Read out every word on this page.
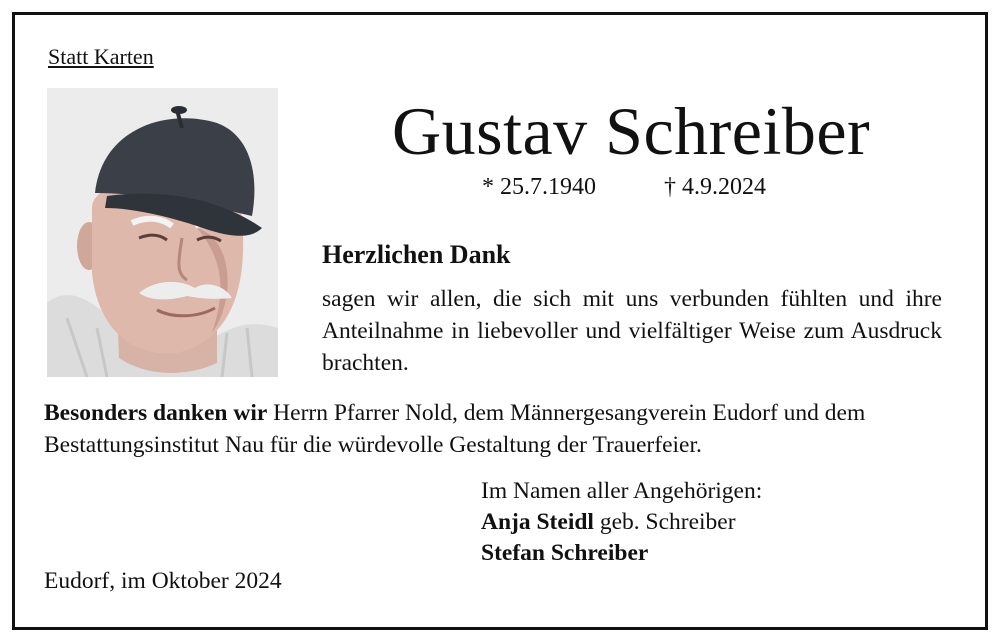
Statt Karten
Gustav Schreiber
* 25.7.1940	† 4.9.2024
Herzlichen Dank
sagen wir allen, die sich mit uns verbunden fühlten und ihre Anteilnahme in liebevoller und vielfältiger Weise zum Ausdruck brachten.
Besonders danken wir Herrn Pfarrer Nold, dem Männergesangverein Eudorf und dem Bestattungsinstitut Nau für die würdevolle Gestaltung der Trauerfeier.
Im Namen aller Angehörigen:
Anja Steidl geb. Schreiber
Stefan Schreiber
Eudorf, im Oktober 2024
